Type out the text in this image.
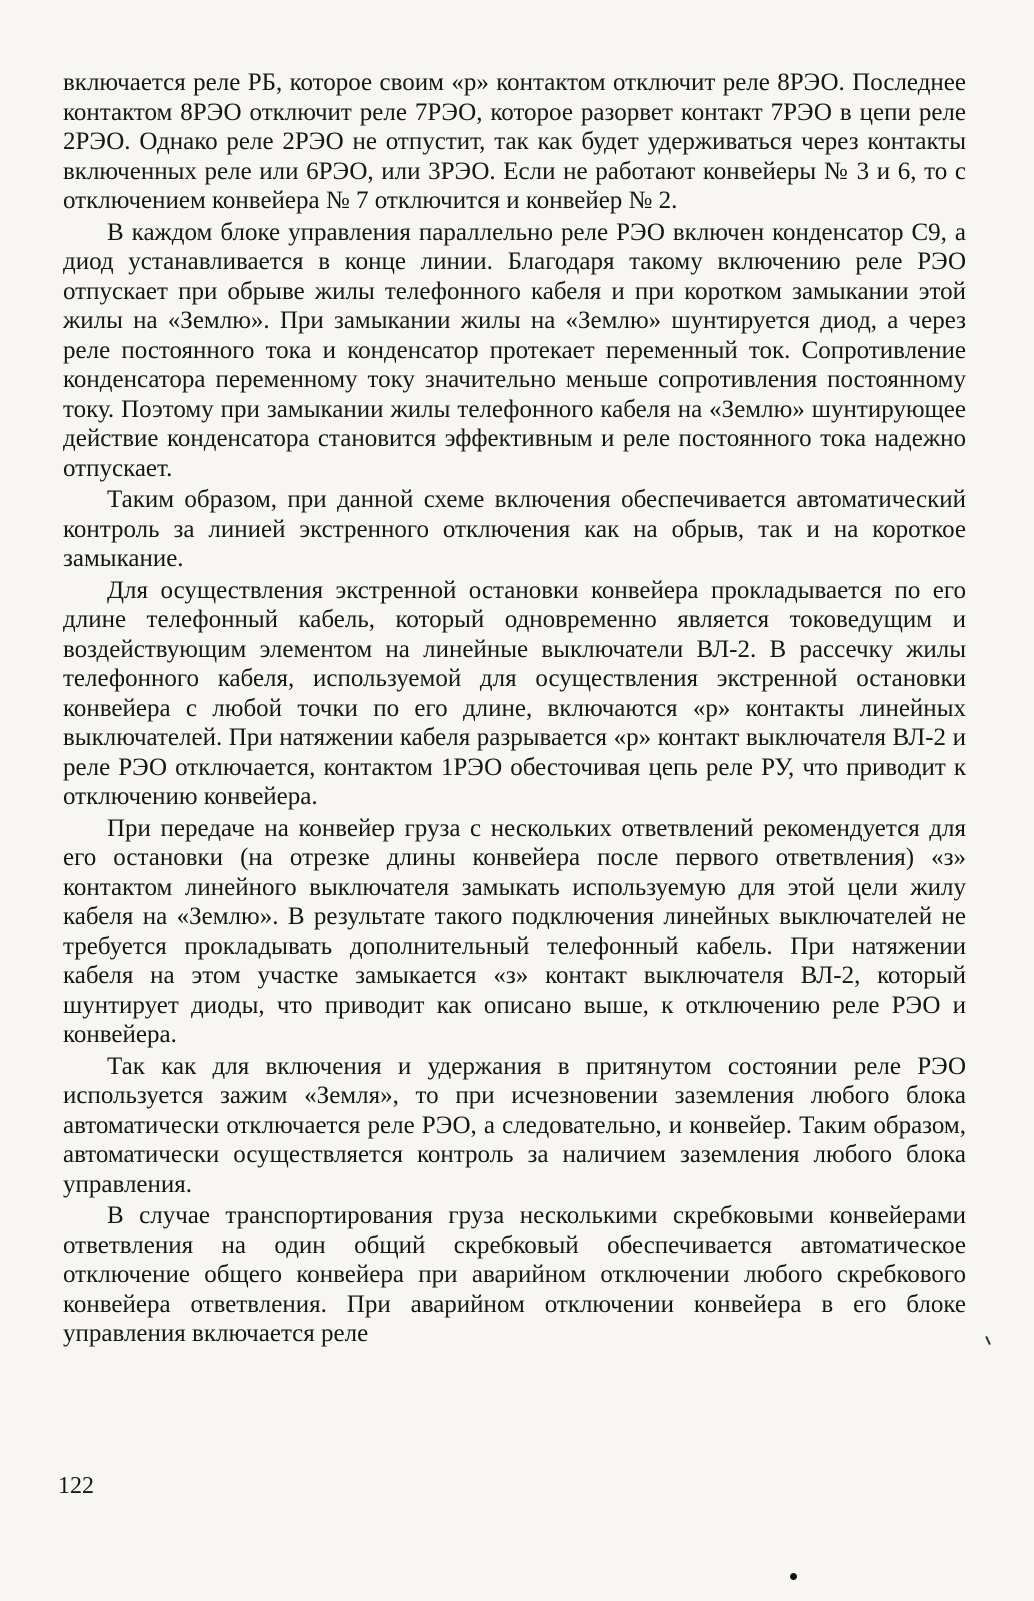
включается реле РБ, которое своим «р» контактом отключит реле 8РЭО. Последнее контактом 8РЭО отключит реле 7РЭО, которое разорвет контакт 7РЭО в цепи реле 2РЭО. Однако реле 2РЭО не отпустит, так как будет удерживаться через контакты включенных реле или 6РЭО, или 3РЭО. Если не работают конвейеры № 3 и 6, то с отключением конвейера № 7 отключится и конвейер № 2.

В каждом блоке управления параллельно реле РЭО включен конденсатор С9, а диод устанавливается в конце линии. Благодаря такому включению реле РЭО отпускает при обрыве жилы телефонного кабеля и при коротком замыкании этой жилы на «Землю». При замыкании жилы на «Землю» шунтируется диод, а через реле постоянного тока и конденсатор протекает переменный ток. Сопротивление конденсатора переменному току значительно меньше сопротивления постоянному току. Поэтому при замыкании жилы телефонного кабеля на «Землю» шунтирующее действие конденсатора становится эффективным и реле постоянного тока надежно отпускает.

Таким образом, при данной схеме включения обеспечивается автоматический контроль за линией экстренного отключения как на обрыв, так и на короткое замыкание.

Для осуществления экстренной остановки конвейера прокладывается по его длине телефонный кабель, который одновременно является токоведущим и воздействующим элементом на линейные выключатели ВЛ-2. В рассечку жилы телефонного кабеля, используемой для осуществления экстренной остановки конвейера с любой точки по его длине, включаются «р» контакты линейных выключателей. При натяжении кабеля разрывается «р» контакт выключателя ВЛ-2 и реле РЭО отключается, контактом 1РЭО обесточивая цепь реле РУ, что приводит к отключению конвейера.

При передаче на конвейер груза с нескольких ответвлений рекомендуется для его остановки (на отрезке длины конвейера после первого ответвления) «з» контактом линейного выключателя замыкать используемую для этой цели жилу кабеля на «Землю». В результате такого подключения линейных выключателей не требуется прокладывать дополнительный телефонный кабель. При натяжении кабеля на этом участке замыкается «з» контакт выключателя ВЛ-2, который шунтирует диоды, что приводит как описано выше, к отключению реле РЭО и конвейера.

Так как для включения и удержания в притянутом состоянии реле РЭО используется зажим «Земля», то при исчезновении заземления любого блока автоматически отключается реле РЭО, а следовательно, и конвейер. Таким образом, автоматически осуществляется контроль за наличием заземления любого блока управления.

В случае транспортирования груза несколькими скребковыми конвейерами ответвления на один общий скребковый обеспечивается автоматическое отключение общего конвейера при аварийном отключении любого скребкового конвейера ответвления. При аварийном отключении конвейера в его блоке управления включается реле

122
